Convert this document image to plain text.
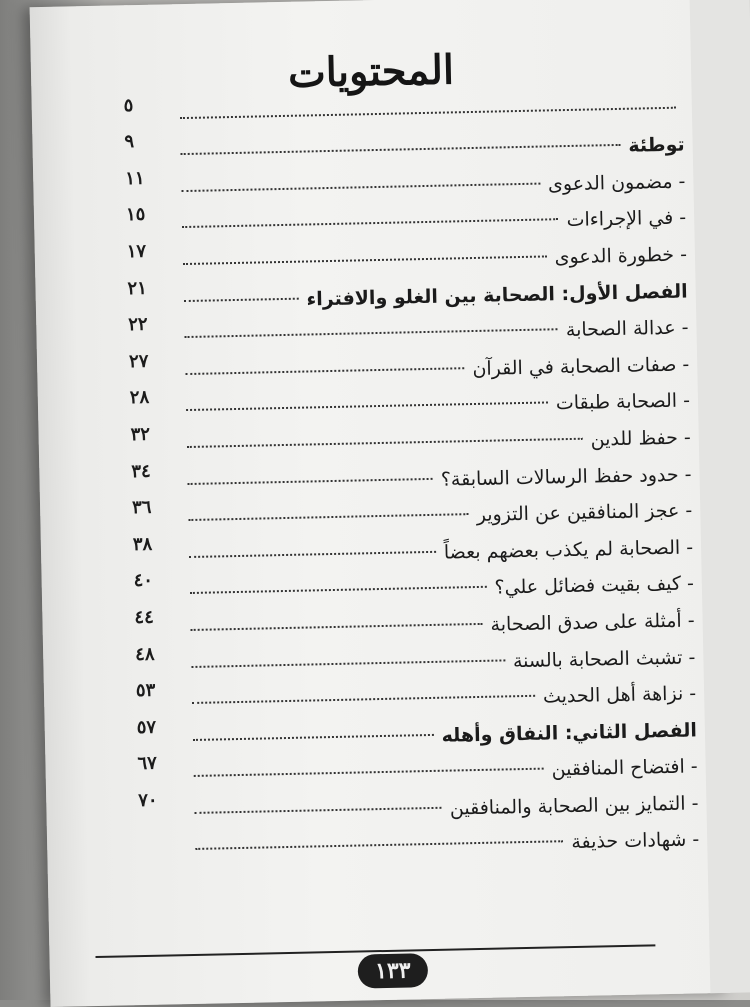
المحتويات
٥
توطئة
٩
- مضمون الدعوى
١١
- في الإجراءات
١٥
- خطورة الدعوى
١٧
الفصل الأول: الصحابة بين الغلو والافتراء
٢١
- عدالة الصحابة
٢٢
- صفات الصحابة في القرآن
٢٧
- الصحابة طبقات
٢٨
- حفظ للدين
٣٢
- حدود حفظ الرسالات السابقة؟
٣٤
- عجز المنافقين عن التزوير
٣٦
- الصحابة لم يكذب بعضهم بعضاً
٣٨
- كيف بقيت فضائل علي؟
٤٠
- أمثلة على صدق الصحابة
٤٤
- تشبث الصحابة بالسنة
٤٨
- نزاهة أهل الحديث
٥٣
الفصل الثاني: النفاق وأهله
٥٧
- افتضاح المنافقين
٦٧
- التمايز بين الصحابة والمنافقين
٧٠
- شهادات حذيفة
١٣٣
